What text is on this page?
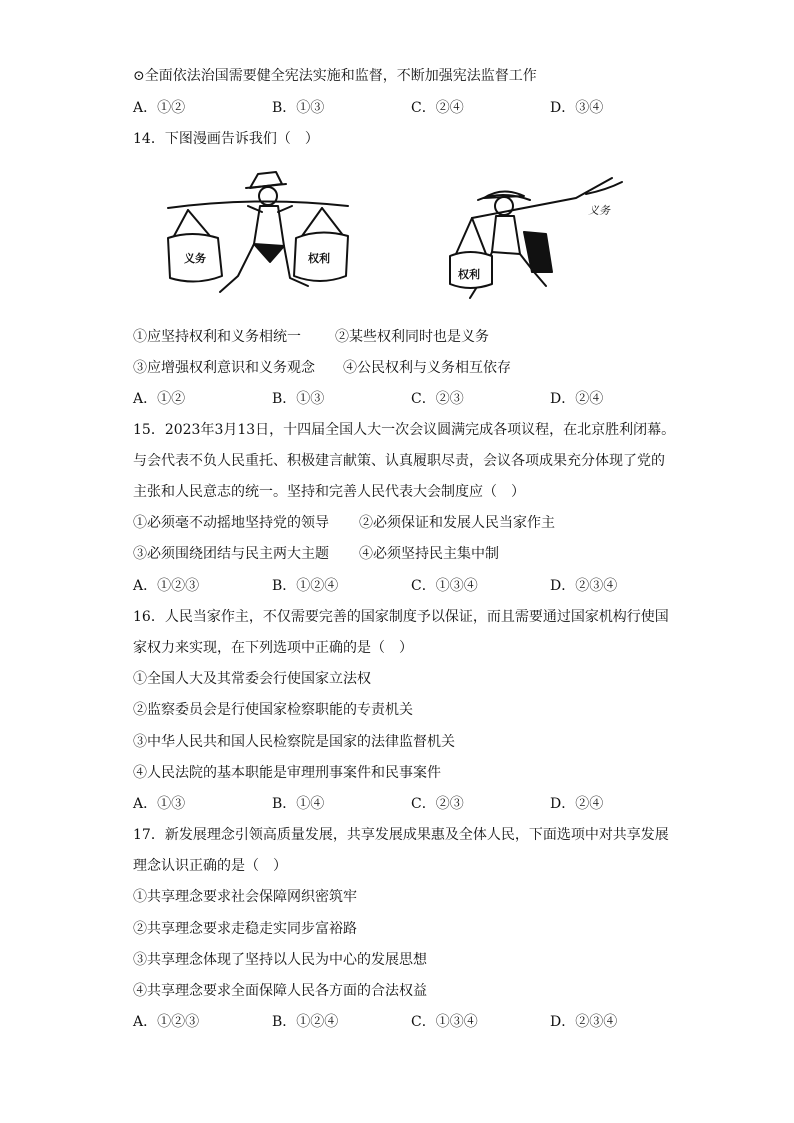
⊙全面依法治国需要健全宪法实施和监督，不断加强宪法监督工作
A．①②	B．①③	C．②④	D．③④
14．下图漫画告诉我们（　）
义务	权利
权利
义务
①应坚持权利和义务相统一 ②某些权利同时也是义务
③应增强权利意识和义务观念 ④公民权利与义务相互依存
A．①②	B．①③	C．②③	D．②④
15．2023年3月13日，十四届全国人大一次会议圆满完成各项议程，在北京胜利闭幕。
与会代表不负人民重托、积极建言献策、认真履职尽责，会议各项成果充分体现了党的
主张和人民意志的统一。坚持和完善人民代表大会制度应（　）
①必须毫不动摇地坚持党的领导 ②必须保证和发展人民当家作主
③必须围绕团结与民主两大主题 ④必须坚持民主集中制
A．①②③	B．①②④	C．①③④	D．②③④
16．人民当家作主，不仅需要完善的国家制度予以保证，而且需要通过国家机构行使国
家权力来实现，在下列选项中正确的是（　）
①全国人大及其常委会行使国家立法权
②监察委员会是行使国家检察职能的专责机关
③中华人民共和国人民检察院是国家的法律监督机关
④人民法院的基本职能是审理刑事案件和民事案件
A．①③	B．①④	C．②③	D．②④
17．新发展理念引领高质量发展，共享发展成果惠及全体人民，下面选项中对共享发展
理念认识正确的是（　）
①共享理念要求社会保障网织密筑牢
②共享理念要求走稳走实同步富裕路
③共享理念体现了坚持以人民为中心的发展思想
④共享理念要求全面保障人民各方面的合法权益
A．①②③	B．①②④	C．①③④	D．②③④
